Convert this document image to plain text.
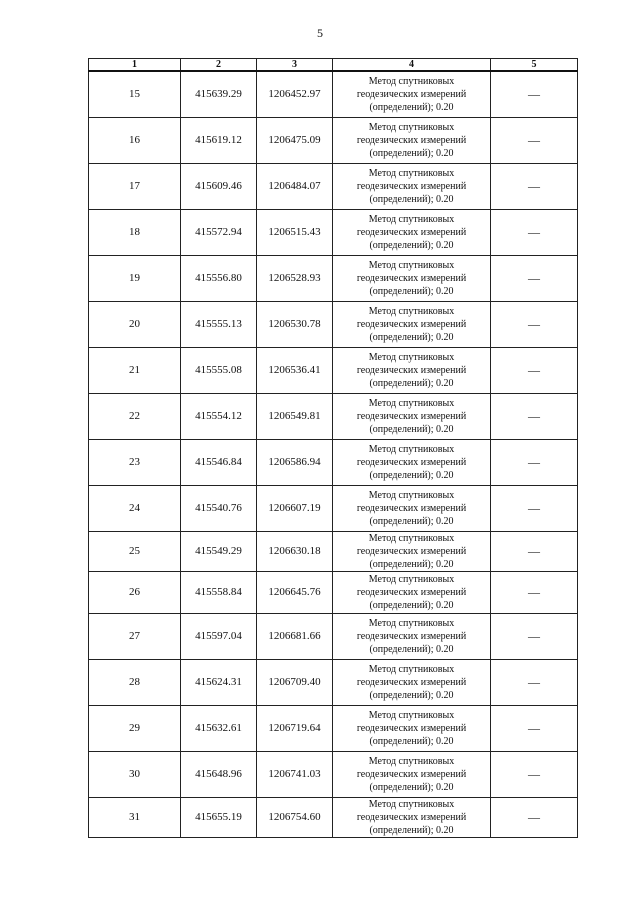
5
1	2	3	4	5
15	415639.29	1206452.97	Метод спутниковых
геодезических измерений
(определений); 0.20	—
16	415619.12	1206475.09	Метод спутниковых
геодезических измерений
(определений); 0.20	—
17	415609.46	1206484.07	Метод спутниковых
геодезических измерений
(определений); 0.20	—
18	415572.94	1206515.43	Метод спутниковых
геодезических измерений
(определений); 0.20	—
19	415556.80	1206528.93	Метод спутниковых
геодезических измерений
(определений); 0.20	—
20	415555.13	1206530.78	Метод спутниковых
геодезических измерений
(определений); 0.20	—
21	415555.08	1206536.41	Метод спутниковых
геодезических измерений
(определений); 0.20	—
22	415554.12	1206549.81	Метод спутниковых
геодезических измерений
(определений); 0.20	—
23	415546.84	1206586.94	Метод спутниковых
геодезических измерений
(определений); 0.20	—
24	415540.76	1206607.19	Метод спутниковых
геодезических измерений
(определений); 0.20	—
25	415549.29	1206630.18	Метод спутниковых
геодезических измерений
(определений); 0.20	—
26	415558.84	1206645.76	Метод спутниковых
геодезических измерений
(определений); 0.20	—
27	415597.04	1206681.66	Метод спутниковых
геодезических измерений
(определений); 0.20	—
28	415624.31	1206709.40	Метод спутниковых
геодезических измерений
(определений); 0.20	—
29	415632.61	1206719.64	Метод спутниковых
геодезических измерений
(определений); 0.20	—
30	415648.96	1206741.03	Метод спутниковых
геодезических измерений
(определений); 0.20	—
31	415655.19	1206754.60	Метод спутниковых
геодезических измерений
(определений); 0.20	—
